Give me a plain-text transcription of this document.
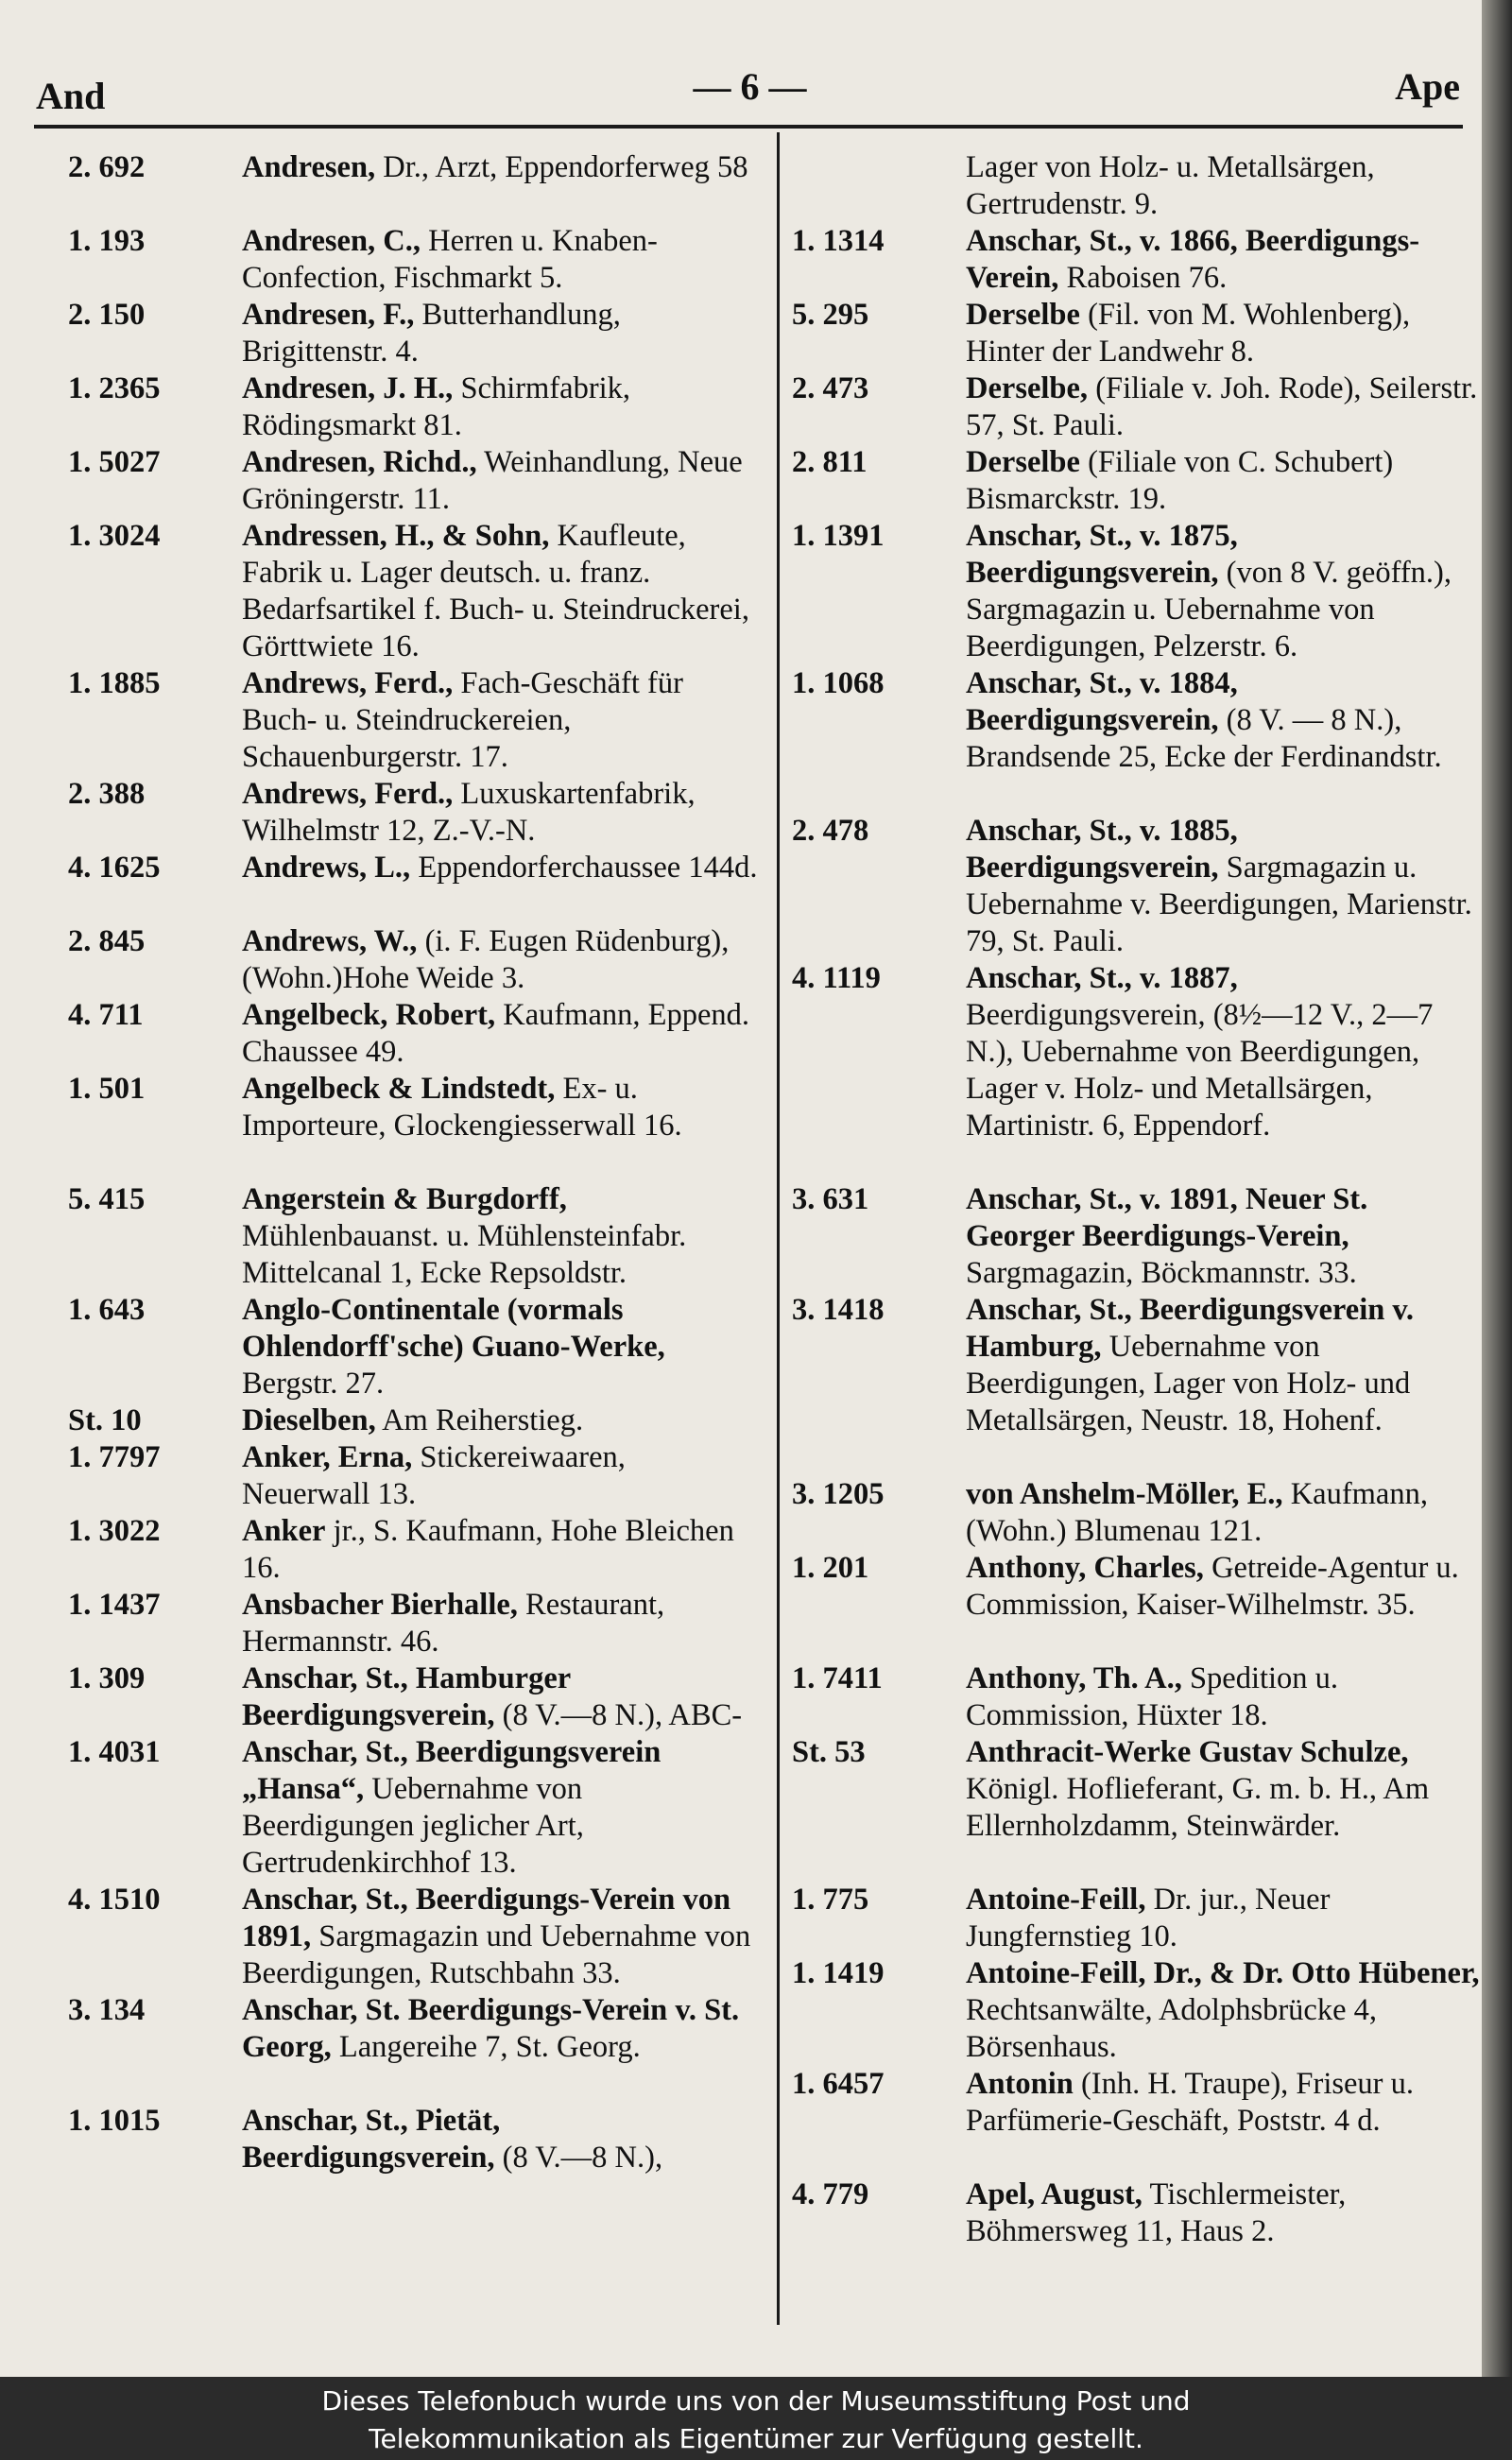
And	— 6 —	Ape
2. 692	Andresen, Dr., Arzt, Eppendorferweg 58
1. 193	Andresen, C., Herren u. Knaben-Confection, Fischmarkt 5.
2. 150	Andresen, F., Butterhandlung, Brigittenstr. 4.
1. 2365	Andresen, J. H., Schirmfabrik, Rödingsmarkt 81.
1. 5027	Andresen, Richd., Weinhandlung, Neue Gröningerstr. 11.
1. 3024	Andressen, H., & Sohn, Kaufleute, Fabrik u. Lager deutsch. u. franz. Bedarfsartikel f. Buch- u. Steindruckerei, Görttwiete 16.
1. 1885	Andrews, Ferd., Fach-Geschäft für Buch- u. Steindruckereien, Schauenburgerstr. 17.
2. 388	Andrews, Ferd., Luxuskartenfabrik, Wilhelmstr 12, Z.-V.-N.
4. 1625	Andrews, L., Eppendorferchaussee 144d.
2. 845	Andrews, W., (i. F. Eugen Rüdenburg),(Wohn.)Hohe Weide 3.
4. 711	Angelbeck, Robert, Kaufmann, Eppend. Chaussee 49.
1. 501	Angelbeck & Lindstedt, Ex- u. Importeure, Glockengiesserwall 16.
5. 415	Angerstein & Burgdorff, Mühlenbauanst. u. Mühlensteinfabr. Mittelcanal 1, Ecke Repsoldstr.
1. 643	Anglo-Continentale (vormals Ohlendorff'sche) Guano-Werke, Bergstr. 27.
St. 10	Dieselben, Am Reiherstieg.
1. 7797	Anker, Erna, Stickereiwaaren, Neuerwall 13.
1. 3022	Anker jr., S. Kaufmann, Hohe Bleichen 16.
1. 1437	Ansbacher Bierhalle, Restaurant, Hermannstr. 46.
1. 309	Anschar, St., Hamburger Beerdigungsverein, (8 V.—8 N.), ABC-
1. 4031	Anschar, St., Beerdigungsverein „Hansa“, Uebernahme von Beerdigungen jeglicher Art, Gertrudenkirchhof 13.
4. 1510	Anschar, St., Beerdigungs-Verein von 1891, Sargmagazin und Uebernahme von Beerdigungen, Rutschbahn 33.
3. 134	Anschar, St. Beerdigungs-Verein v. St. Georg, Langereihe 7, St. Georg.
1. 1015	Anschar, St., Pietät, Beerdigungsverein, (8 V.—8 N.),
Lager von Holz- u. Metallsärgen, Gertrudenstr. 9.
1. 1314	Anschar, St., v. 1866, Beerdigungs-Verein, Raboisen 76.
5. 295	Derselbe (Fil. von M. Wohlenberg), Hinter der Landwehr 8.
2. 473	Derselbe, (Filiale v. Joh. Rode), Seilerstr. 57, St. Pauli.
2. 811	Derselbe (Filiale von C. Schubert) Bismarckstr. 19.
1. 1391	Anschar, St., v. 1875, Beerdigungsverein, (von 8 V. geöffn.), Sargmagazin u. Uebernahme von Beerdigungen, Pelzerstr. 6.
1. 1068	Anschar, St., v. 1884, Beerdigungsverein, (8 V. — 8 N.), Brandsende 25, Ecke der Ferdinandstr.
2. 478	Anschar, St., v. 1885, Beerdigungsverein, Sargmagazin u. Uebernahme v. Beerdigungen, Marienstr. 79, St. Pauli.
4. 1119	Anschar, St., v. 1887, Beerdigungsverein, (8½—12 V., 2—7 N.), Uebernahme von Beerdigungen, Lager v. Holz- und Metallsärgen, Martinistr. 6, Eppendorf.
3. 631	Anschar, St., v. 1891, Neuer St. Georger Beerdigungs-Verein, Sargmagazin, Böckmannstr. 33.
3. 1418	Anschar, St., Beerdigungsverein v. Hamburg, Uebernahme von Beerdigungen, Lager von Holz- und Metallsärgen, Neustr. 18, Hohenf.
3. 1205	von Anshelm-Möller, E., Kaufmann, (Wohn.) Blumenau 121.
1. 201	Anthony, Charles, Getreide-Agentur u. Commission, Kaiser-Wilhelmstr. 35.
1. 7411	Anthony, Th. A., Spedition u. Commission, Hüxter 18.
St. 53	Anthracit-Werke Gustav Schulze, Königl. Hoflieferant, G. m. b. H., Am Ellernholzdamm, Steinwärder.
1. 775	Antoine-Feill, Dr. jur., Neuer Jungfernstieg 10.
1. 1419	Antoine-Feill, Dr., & Dr. Otto Hübener, Rechtsanwälte, Adolphsbrücke 4, Börsenhaus.
1. 6457	Antonin (Inh. H. Traupe), Friseur u. Parfümerie-Geschäft, Poststr. 4 d.
4. 779	Apel, August, Tischlermeister, Böhmersweg 11, Haus 2.
Dieses Telefonbuch wurde uns von der Museumsstiftung Post und
Telekommunikation als Eigentümer zur Verfügung gestellt.
